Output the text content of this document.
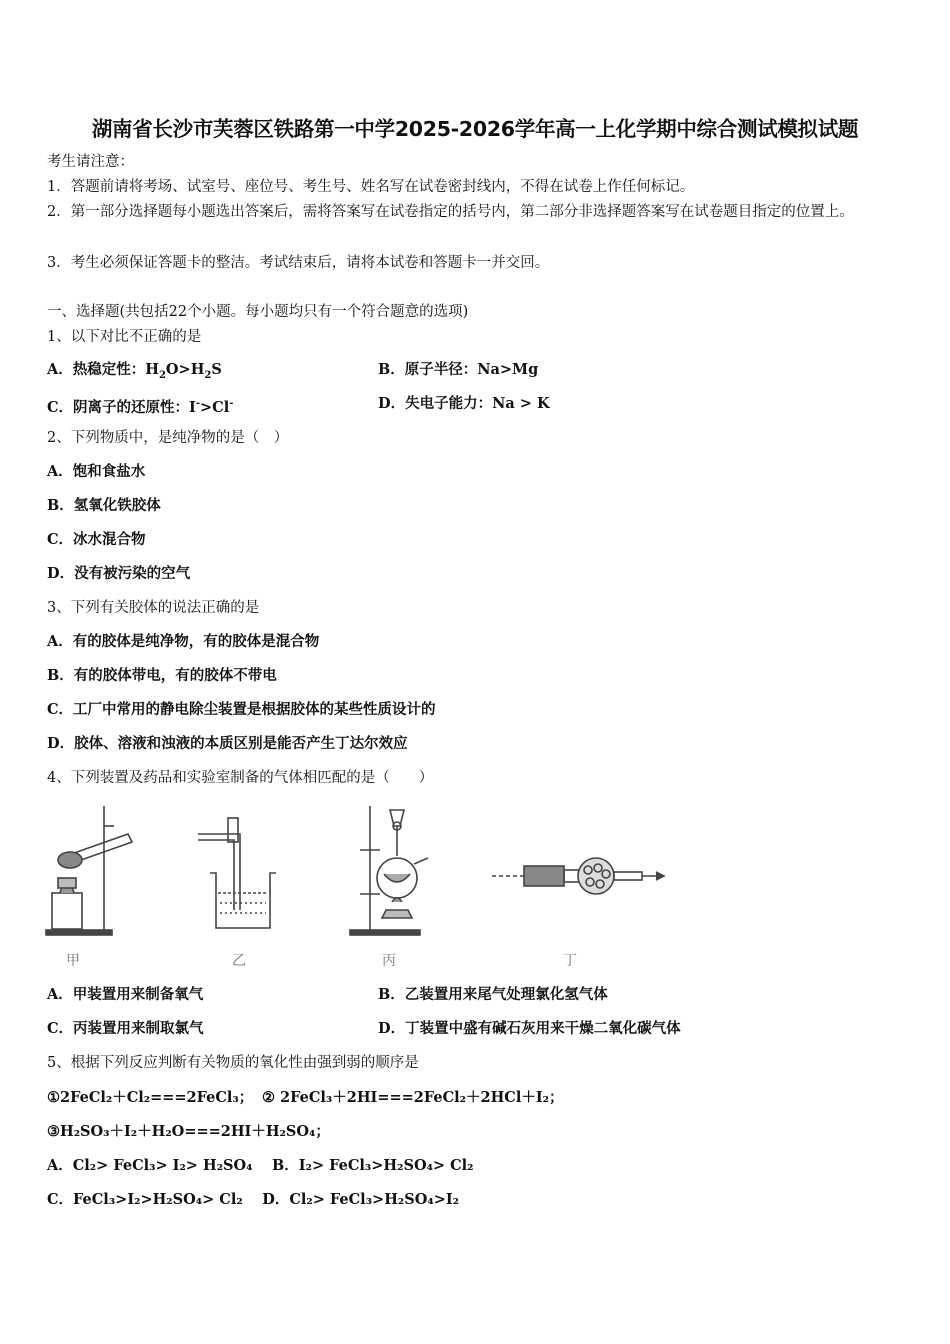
湖南省长沙市芙蓉区铁路第一中学2025-2026学年高一上化学期中综合测试模拟试题
考生请注意：
1．答题前请将考场、试室号、座位号、考生号、姓名写在试卷密封线内，不得在试卷上作任何标记。
2．第一部分选择题每小题选出答案后，需将答案写在试卷指定的括号内，第二部分非选择题答案写在试卷题目指定的位置上。
3．考生必须保证答题卡的整洁。考试结束后，请将本试卷和答题卡一并交回。
一、选择题(共包括22个小题。每小题均只有一个符合题意的选项)
1、以下对比不正确的是
A．热稳定性：$H_2O>H_2S$	B．原子半径：Na>Mg
C．阴离子的还原性：I->Cl-	D．失电子能力：Na > K
2、下列物质中，是纯净物的是（　）
A．饱和食盐水
B．氢氧化铁胶体
C．冰水混合物
D．没有被污染的空气
3、下列有关胶体的说法正确的是
A．有的胶体是纯净物，有的胶体是混合物
B．有的胶体带电，有的胶体不带电
C．工厂中常用的静电除尘装置是根据胶体的某些性质设计的
D．胶体、溶液和浊液的本质区别是能否产生丁达尔效应
4、下列装置及药品和实验室制备的气体相匹配的是（　　）
甲	乙	丙	丁
A．甲装置用来制备氧气	B．乙装置用来尾气处理氯化氢气体
C．丙装置用来制取氯气	D．丁装置中盛有碱石灰用来干燥二氧化碳气体
5、根据下列反应判断有关物质的氧化性由强到弱的顺序是
①2FeCl₂＋Cl₂===2FeCl₃； ② 2FeCl₃＋2HI===2FeCl₂＋2HCl＋I₂；
③H₂SO₃＋I₂＋H₂O===2HI＋H₂SO₄；
A．Cl₂> FeCl₃> I₂> H₂SO₄　 B．I₂> FeCl₃>H₂SO₄> Cl₂
C．FeCl₃>I₂>H₂SO₄> Cl₂　 D．Cl₂> FeCl₃>H₂SO₄>I₂
